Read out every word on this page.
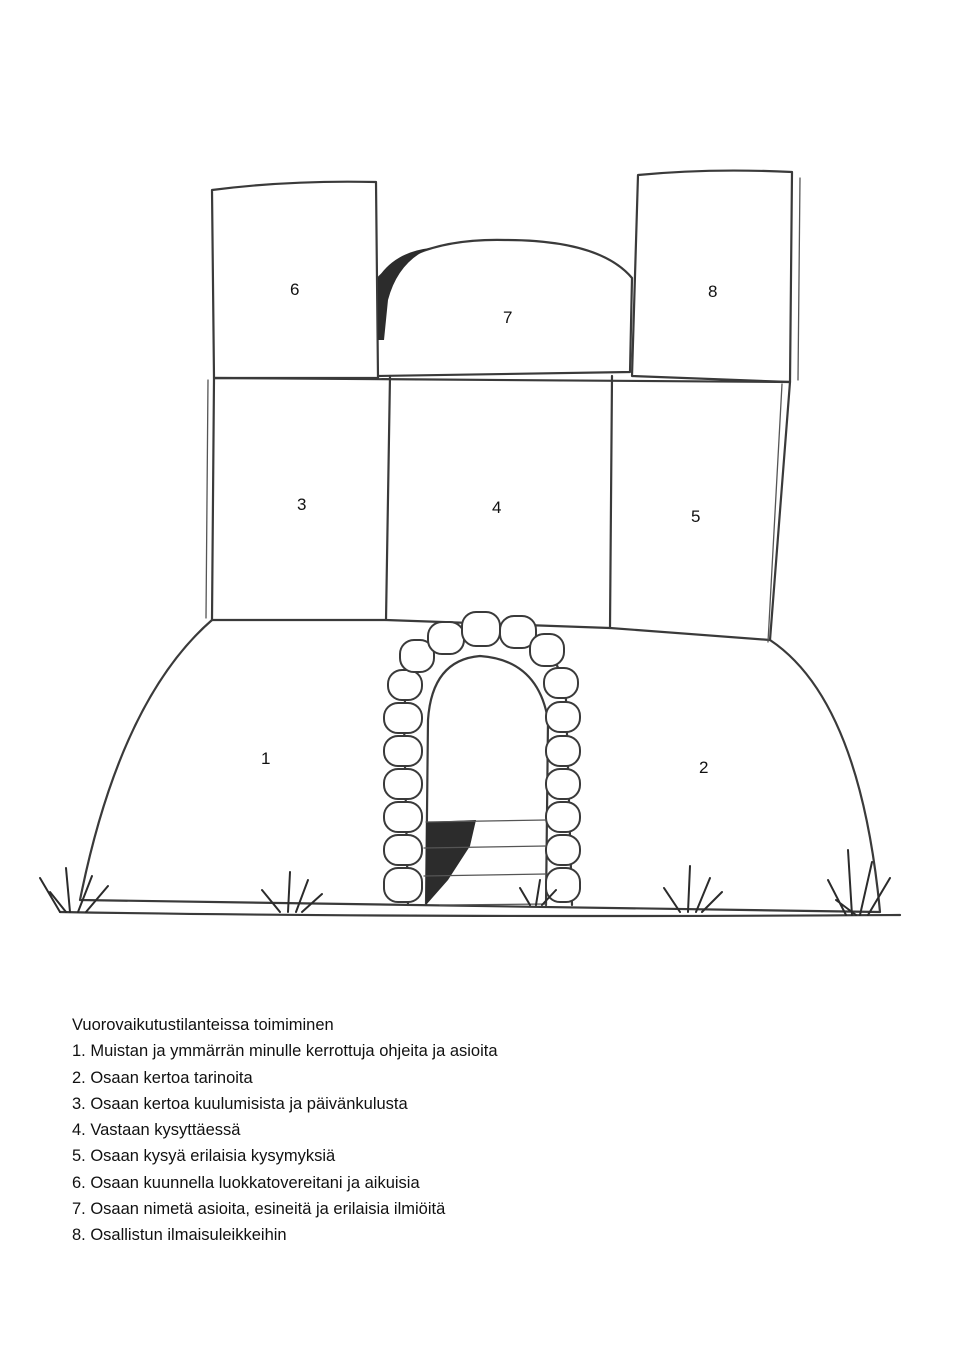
6
7
8
3	4	5
1	2
Vuorovaikutustilanteissa toimiminen
1. Muistan ja ymmärrän minulle kerrottuja ohjeita ja asioita
2. Osaan kertoa tarinoita
3. Osaan kertoa kuulumisista ja päivänkulusta
4. Vastaan kysyttäessä
5. Osaan kysyä erilaisia kysymyksiä
6. Osaan kuunnella luokkatovereitani ja aikuisia
7. Osaan nimetä asioita, esineitä ja erilaisia ilmiöitä
8. Osallistun ilmaisuleikkeihin
